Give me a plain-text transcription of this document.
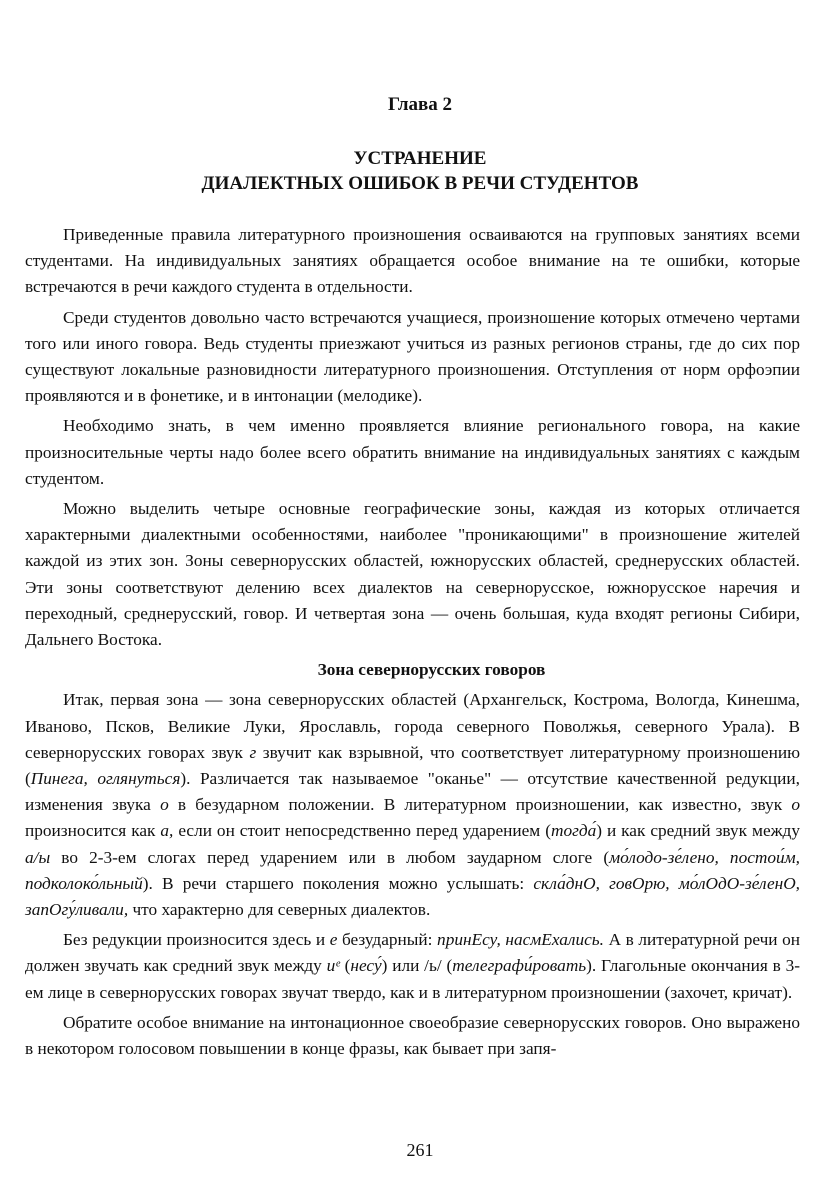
Глава 2
УСТРАНЕНИЕ
ДИАЛЕКТНЫХ ОШИБОК В РЕЧИ СТУДЕНТОВ

Приведенные правила литературного произношения осваиваются на групповых занятиях всеми студентами. На индивидуальных занятиях обращается особое внимание на те ошибки, которые встречаются в речи каждого студента в отдельности.

Среди студентов довольно часто встречаются учащиеся, произношение которых отмечено чертами того или иного говора. Ведь студенты приезжают учиться из разных регионов страны, где до сих пор существуют локальные разновидности литературного произношения. Отступления от норм орфоэпии проявляются и в фонетике, и в интонации (мелодике).

Необходимо знать, в чем именно проявляется влияние регионального говора, на какие произносительные черты надо более всего обратить внимание на индивидуальных занятиях с каждым студентом.

Можно выделить четыре основные географические зоны, каждая из которых отличается характерными диалектными особенностями, наиболее "проникающими" в произношение жителей каждой из этих зон. Зоны севернорусских областей, южнорусских областей, среднерусских областей. Эти зоны соответствуют делению всех диалектов на севернорусское, южнорусское наречия и переходный, среднерусский, говор. И четвертая зона — очень большая, куда входят регионы Сибири, Дальнего Востока.

Зона севернорусских говоров

Итак, первая зона — зона севернорусских областей (Архангельск, Кострома, Вологда, Кинешма, Иваново, Псков, Великие Луки, Ярославль, города северного Поволжья, северного Урала). В севернорусских говорах звук г звучит как взрывной, что соответствует литературному произношению (Пинега, оглянуться). Различается так называемое "оканье" — отсутствие качественной редукции, изменения звука о в безударном положении. В литературном произношении, как известно, звук о произносится как а, если он стоит непосредственно перед ударением (тогда́) и как средний звук между а/ы во 2-3-ем слогах перед ударением или в любом заударном слоге (мо́лодо-зе́лено, постои́м, подколоко́льный). В речи старшего поколения можно услышать: скла́днО, говОрю, мо́лОдО-зе́ленО, запОгу́ливали, что характерно для северных диалектов.

Без редукции произносится здесь и е безударный: принЕсу, насмЕхались. А в литературной речи он должен звучать как средний звук между иᵉ (несу́) или /ь/ (телеграфи́ровать). Глагольные окончания в 3-ем лице в севернорусских говорах звучат твердо, как и в литературном произношении (захочет, кричат).

Обратите особое внимание на интонационное своеобразие севернорусских говоров. Оно выражено в некотором голосовом повышении в конце фразы, как бывает при запя-

261
